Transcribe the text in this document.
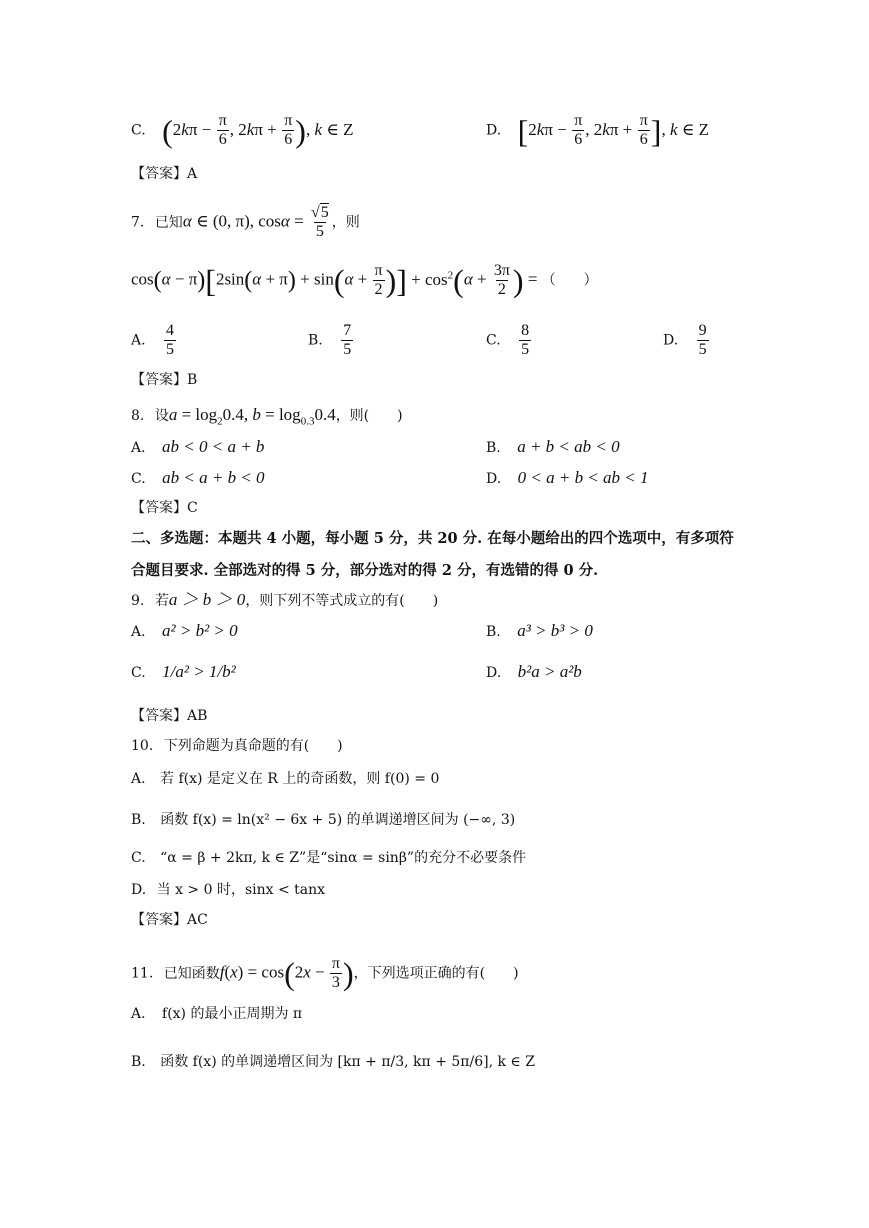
C. ($2k\pi - \frac{\pi}{6}$ , $2k\pi + \frac{\pi}{6}$ ), k ∈ Z	D. [$2k\pi - \frac{\pi}{6}$ , $2k\pi + \frac{\pi}{6}$ ], k ∈ Z
【答案】A
7. 已知α ∈ (0, π), $\cos\alpha = \frac{√5}{5}$ ，则
$\cos(\alpha - \pi)[2\sin(\alpha + \pi) + \sin(\alpha + \frac{\pi}{2}$ )] + $\cos^2(\alpha + \frac{3\pi}{2}$ ) = （　　）
A. $\frac{4}{5}$	B. $\frac{7}{5}$	C. $\frac{8}{5}$	D. $\frac{9}{5}$
【答案】B
8. 设$a = \log_20.4$, $b = \log_{0.3}0.4$，则(　　)
A. ab < 0 < a + b	B. a + b < ab < 0
C. ab < a + b < 0	D. 0 < a + b < ab < 1
【答案】C
二、多选题：本题共 4 小题，每小题 5 分，共 20 分. 在每小题给出的四个选项中，有多项符
合题目要求. 全部选对的得 5 分，部分选对的得 2 分，有选错的得 0 分.
9. 若a ＞ b ＞ 0，则下列不等式成立的有(　　)
A. a² > b² > 0	B. a³ > b³ > 0
C. 1/a² > 1/b²	D. b²a > a²b
【答案】AB
10. 下列命题为真命题的有(　　)
A. 若 f(x) 是定义在 R 上的奇函数，则 f(0) = 0
B. 函数 f(x) = ln(x² − 6x + 5) 的单调递增区间为 (−∞, 3)
C. “α = β + 2kπ, k ∈ Z”是“sinα = sinβ”的充分不必要条件
D. 当 x > 0 时，sinx < tanx
【答案】AC
11. 已知函数$f(x) = \cos(2x - \frac{\pi}{3}$ )，下列选项正确的有(　　)
A. f(x) 的最小正周期为 π
B. 函数 f(x) 的单调递增区间为 [kπ + π/3, kπ + 5π/6], k ∈ Z
